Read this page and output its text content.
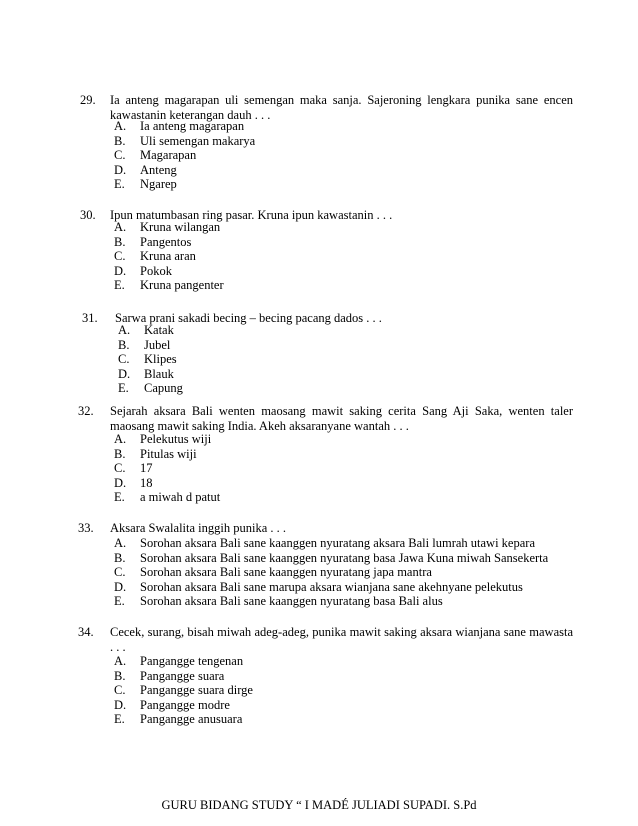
29. Ia anteng magarapan uli semengan maka sanja. Sajeroning lengkara punika sane encen kawastanin keterangan dauh . . .
A. Ia anteng magarapan
B. Uli semengan makarya
C. Magarapan
D. Anteng
E. Ngarep
30. Ipun matumbasan ring pasar. Kruna ipun kawastanin . . .
A. Kruna wilangan
B. Pangentos
C. Kruna aran
D. Pokok
E. Kruna pangenter
31. Sarwa prani sakadi becing – becing pacang dados . . .
A. Katak
B. Jubel
C. Klipes
D. Blauk
E. Capung
32. Sejarah aksara Bali wenten maosang mawit saking cerita Sang Aji Saka, wenten taler maosang mawit saking India. Akeh aksaranyane wantah . . .
A. Pelekutus wiji
B. Pitulas wiji
C. 17
D. 18
E. a miwah d patut
33. Aksara Swalalita inggih punika . . .
A. Sorohan aksara Bali sane kaanggen nyuratang aksara Bali lumrah utawi kepara
B. Sorohan aksara Bali sane kaanggen nyuratang basa Jawa Kuna miwah Sansekerta
C. Sorohan aksara Bali sane kaanggen nyuratang japa mantra
D. Sorohan aksara Bali sane marupa aksara wianjana sane akehnyane pelekutus
E. Sorohan aksara Bali sane kaanggen nyuratang basa Bali alus
34. Cecek, surang, bisah miwah adeg-adeg, punika mawit saking aksara wianjana sane mawasta . . .
A. Pangangge tengenan
B. Pangangge suara
C. Pangangge suara dirge
D. Pangangge modre
E. Pangangge anusuara
GURU BIDANG STUDY “ I MADÉ JULIADI SUPADI. S.Pd
